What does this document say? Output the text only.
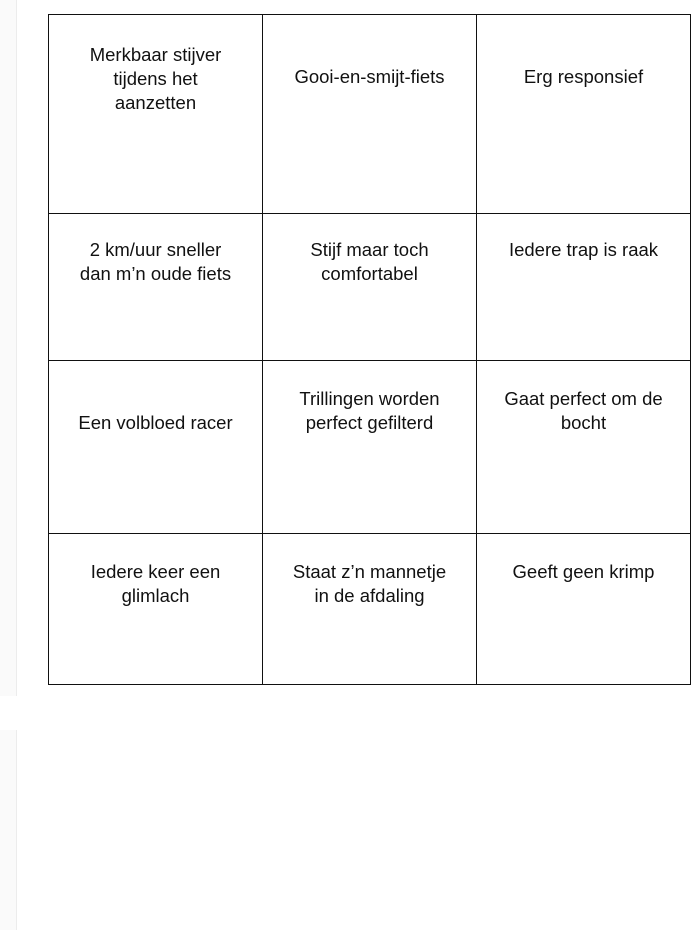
Merkbaar stijver
tijdens het
aanzetten	Gooi-en-smijt-fiets	Erg responsief

2 km/uur sneller
dan m’n oude fiets	Stijf maar toch
comfortabel	Iedere trap is raak

Een volbloed racer	Trillingen worden
perfect gefilterd	Gaat perfect om de
bocht

Iedere keer een
glimlach	Staat z’n mannetje
in de afdaling	Geeft geen krimp
